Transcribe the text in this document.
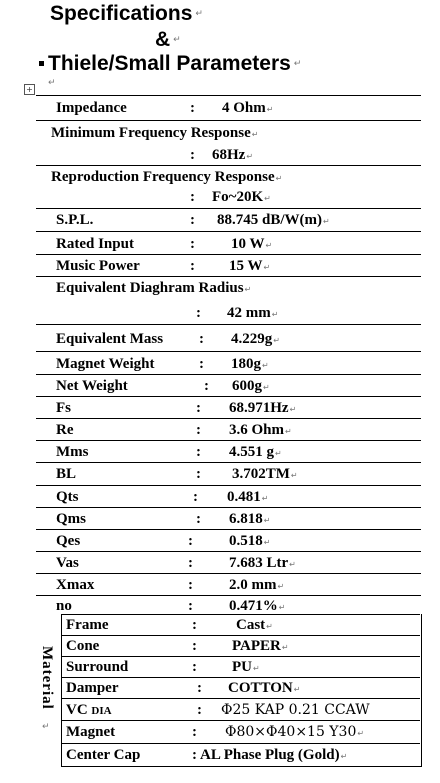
Specifications ↵
& ↵
Thiele/Small Parameters ↵
+
↵
Impedance	: 4 Ohm↵
Minimum Frequency Response↵
: 68Hz↵
Reproduction Frequency Response↵
: Fo~20K↵
S.P.L.	: 88.745 dB/W(m)↵
Rated Input	: 10 W↵
Music Power	: 15 W↵
Equivalent Diaghram Radius↵
: 42 mm↵
Equivalent Mass : 4.229g↵
Magnet Weight	: 180g↵
Net Weight	: 600g↵
Fs	: 68.971Hz↵
Re	: 3.6 Ohm↵
Mms	: 4.551 g↵
BL	: 3.702TM↵
Qts	: 0.481↵
Qms	: 6.818↵
Qes	: 0.518↵
Vas	: 7.683 Ltr↵
Xmax	: 2.0 mm↵
no	: 0.471%↵
Material
↵
Frame	:	Cast↵
Cone	: PAPER↵
Surround	: PU↵
Damper	: COTTON↵
VC DIA	: Φ25 KAP 0.21 CCAW
Magnet	: Φ80×Φ40×15 Y30↵
Center Cap	: AL Phase Plug (Gold)↵
